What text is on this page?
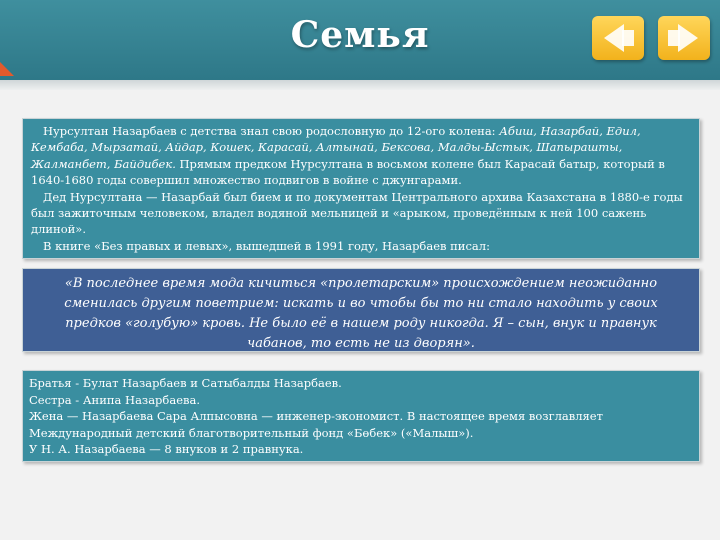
Семья

Нурсултан Назарбаев с детства знал свою родословную до 12-ого колена: Абиш, Назарбай, Едил, Кембаба, Мырзатай, Айдар, Кошек, Карасай, Алтынай, Бексова, Малды-Ыстык, Шапырашты, Жалманбет, Байдибек. Прямым предком Нурсултана в восьмом колене был Карасай батыр, который в 1640-1680 годы совершил множество подвигов в войне с джунгарами.

Дед Нурсултана — Назарбай был бием и по документам Центрального архива Казахстана в 1880-е годы был зажиточным человеком, владел водяной мельницей и «арыком, проведённым к ней 100 сажень длиной».

В книге «Без правых и левых», вышедшей в 1991 году, Назарбаев писал:

«В последнее время мода кичиться «пролетарским» происхождением неожиданно сменилась другим поветрием: искать и во чтобы бы то ни стало находить у своих предков «голубую» кровь. Не было её в нашем роду никогда. Я – сын, внук и правнук чабанов, то есть не из дворян».

Братья - Булат Назарбаев и Сатыбалды Назарбаев.

Сестра - Анипа Назарбаева.

Жена — Назарбаева Сара Алпысовна — инженер-экономист. В настоящее время возглавляет Международный детский благотворительный фонд «Бөбек» («Малыш»).

У Н. А. Назарбаева — 8 внуков и 2 правнука.
